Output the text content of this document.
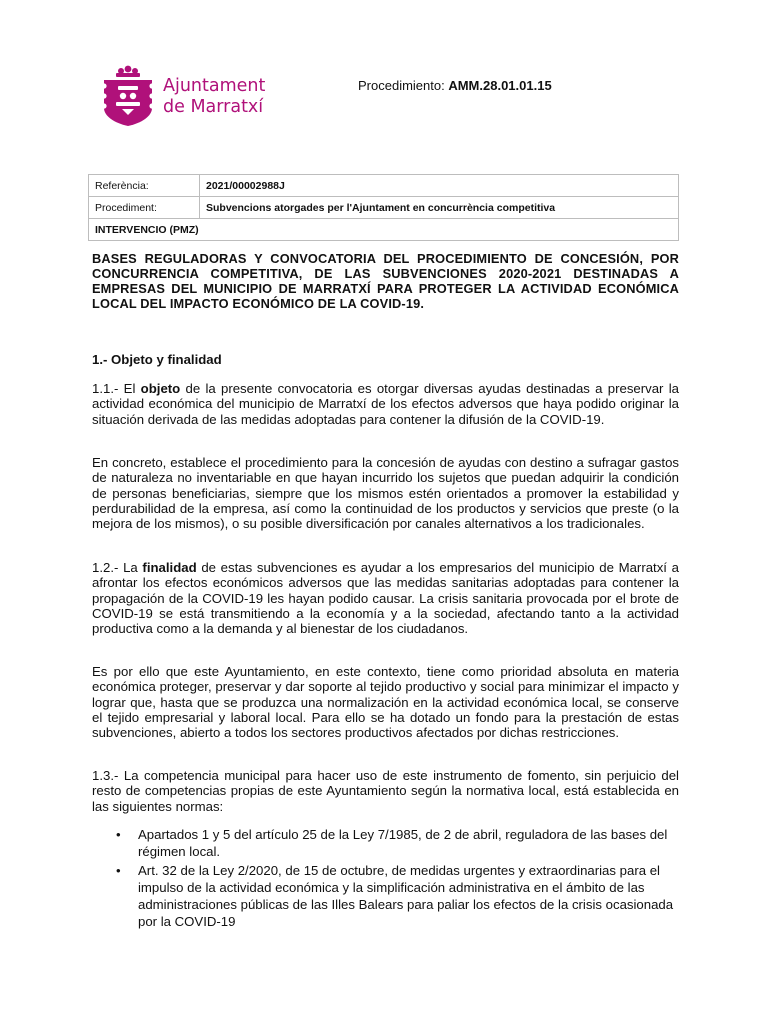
Ajuntament
de Marratxí
Procedimiento: AMM.28.01.01.15
Referència:	2021/00002988J
Procediment:	Subvencions atorgades per l'Ajuntament en concurrència competitiva
INTERVENCIO (PMZ)	
BASES REGULADORAS Y CONVOCATORIA DEL PROCEDIMIENTO DE CONCESIÓN, POR CONCURRENCIA COMPETITIVA, DE LAS SUBVENCIONES 2020-2021 DESTINADAS A EMPRESAS DEL MUNICIPIO DE MARRATXÍ PARA PROTEGER LA ACTIVIDAD ECONÓMICA LOCAL DEL IMPACTO ECONÓMICO DE LA COVID-19.
1.- Objeto y finalidad
1.1.- El objeto de la presente convocatoria es otorgar diversas ayudas destinadas a preservar la actividad económica del municipio de Marratxí de los efectos adversos que haya podido originar la situación derivada de las medidas adoptadas para contener la difusión de la COVID-19.
En concreto, establece el procedimiento para la concesión de ayudas con destino a sufragar gastos de naturaleza no inventariable en que hayan incurrido los sujetos que puedan adquirir la condición de personas beneficiarias, siempre que los mismos estén orientados a promover la estabilidad y perdurabilidad de la empresa, así como la continuidad de los productos y servicios que preste (o la mejora de los mismos), o su posible diversificación por canales alternativos a los tradicionales.
1.2.- La finalidad de estas subvenciones es ayudar a los empresarios del municipio de Marratxí a afrontar los efectos económicos adversos que las medidas sanitarias adoptadas para contener la propagación de la COVID-19 les hayan podido causar. La crisis sanitaria provocada por el brote de COVID-19 se está transmitiendo a la economía y a la sociedad, afectando tanto a la actividad productiva como a la demanda y al bienestar de los ciudadanos.
Es por ello que este Ayuntamiento, en este contexto, tiene como prioridad absoluta en materia económica proteger, preservar y dar soporte al tejido productivo y social para minimizar el impacto y lograr que, hasta que se produzca una normalización en la actividad económica local, se conserve el tejido empresarial y laboral local. Para ello se ha dotado un fondo para la prestación de estas subvenciones, abierto a todos los sectores productivos afectados por dichas restricciones.
1.3.- La competencia municipal para hacer uso de este instrumento de fomento, sin perjuicio del resto de competencias propias de este Ayuntamiento según la normativa local, está establecida en las siguientes normas:
• Apartados 1 y 5 del artículo 25 de la Ley 7/1985, de 2 de abril, reguladora de las bases del régimen local.
• Art. 32 de la Ley 2/2020, de 15 de octubre, de medidas urgentes y extraordinarias para el impulso de la actividad económica y la simplificación administrativa en el ámbito de las administraciones públicas de las Illes Balears para paliar los efectos de la crisis ocasionada por la COVID-19
